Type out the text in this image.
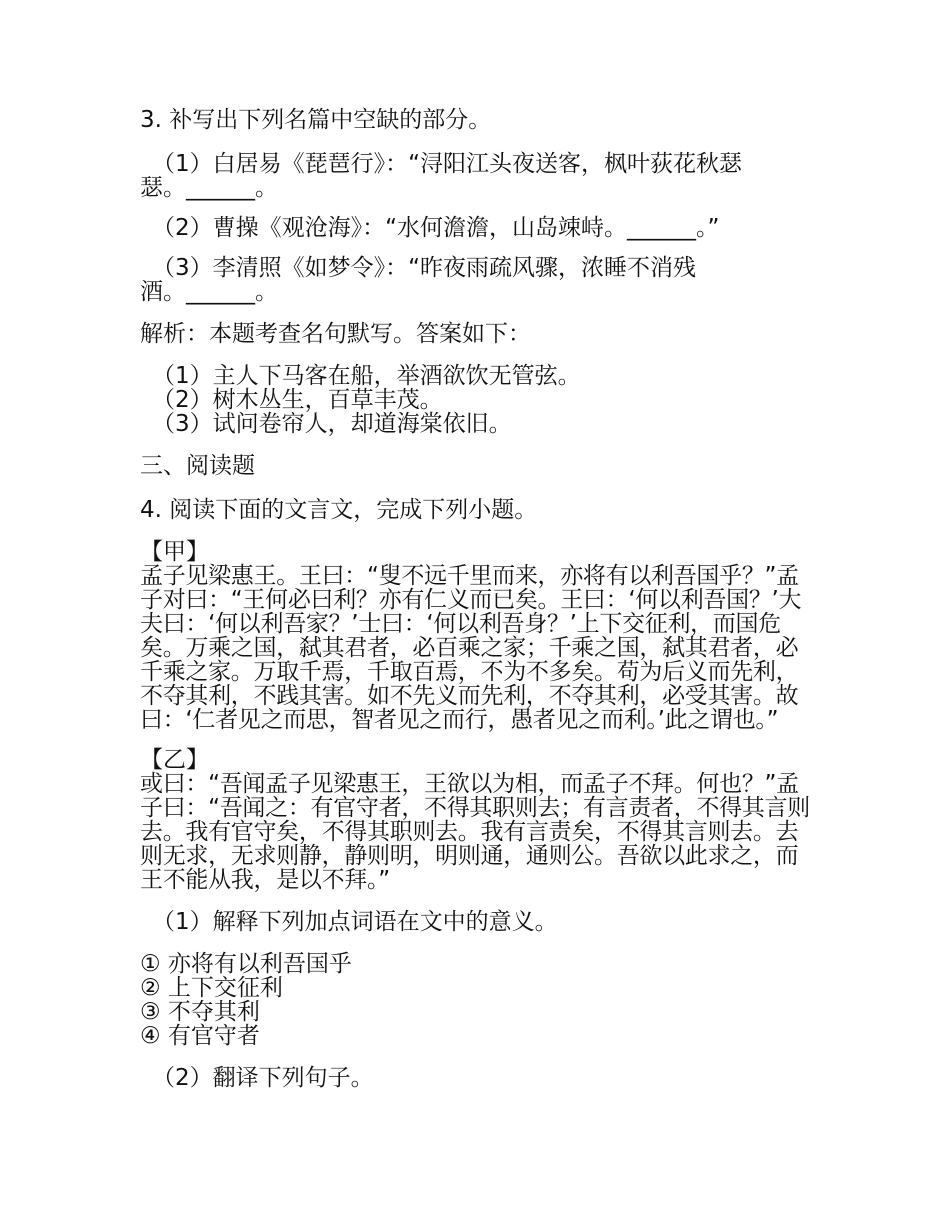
3. 补写出下列名篇中空缺的部分。
（1）白居易《琵琶行》：“浔阳江头夜送客，枫叶荻花秋瑟
瑟。______。
（2）曹操《观沧海》：“水何澹澹，山岛竦峙。______。”
（3）李清照《如梦令》：“昨夜雨疏风骤，浓睡不消残
酒。______。
解析：本题考查名句默写。答案如下：
（1）主人下马客在船，举酒欲饮无管弦。
（2）树木丛生，百草丰茂。
（3）试问卷帘人，却道海棠依旧。
三、阅读题
4. 阅读下面的文言文，完成下列小题。
【甲】
孟子见梁惠王。王曰：“叟不远千里而来，亦将有以利吾国乎？”孟子对曰：“王何必曰利？亦有仁义而已矣。王曰：‘何以利吾国？’大夫曰：‘何以利吾家？’士曰：‘何以利吾身？’上下交征利，而国危矣。万乘之国，弑其君者，必百乘之家；千乘之国，弑其君者，必千乘之家。万取千焉，千取百焉，不为不多矣。苟为后义而先利，不夺其利，不践其害。如不先义而先利，不夺其利，必受其害。故曰：‘仁者见之而思，智者见之而行，愚者见之而利。’此之谓也。”
【乙】
或曰：“吾闻孟子见梁惠王，王欲以为相，而孟子不拜。何也？”孟子曰：“吾闻之：有官守者，不得其职则去；有言责者，不得其言则去。我有官守矣，不得其职则去。我有言责矣，不得其言则去。去则无求，无求则静，静则明，明则通，通则公。吾欲以此求之，而王不能从我，是以不拜。”
（1）解释下列加点词语在文中的意义。
① 亦将有以利吾国乎
② 上下交征利
③ 不夺其利
④ 有官守者
（2）翻译下列句子。
